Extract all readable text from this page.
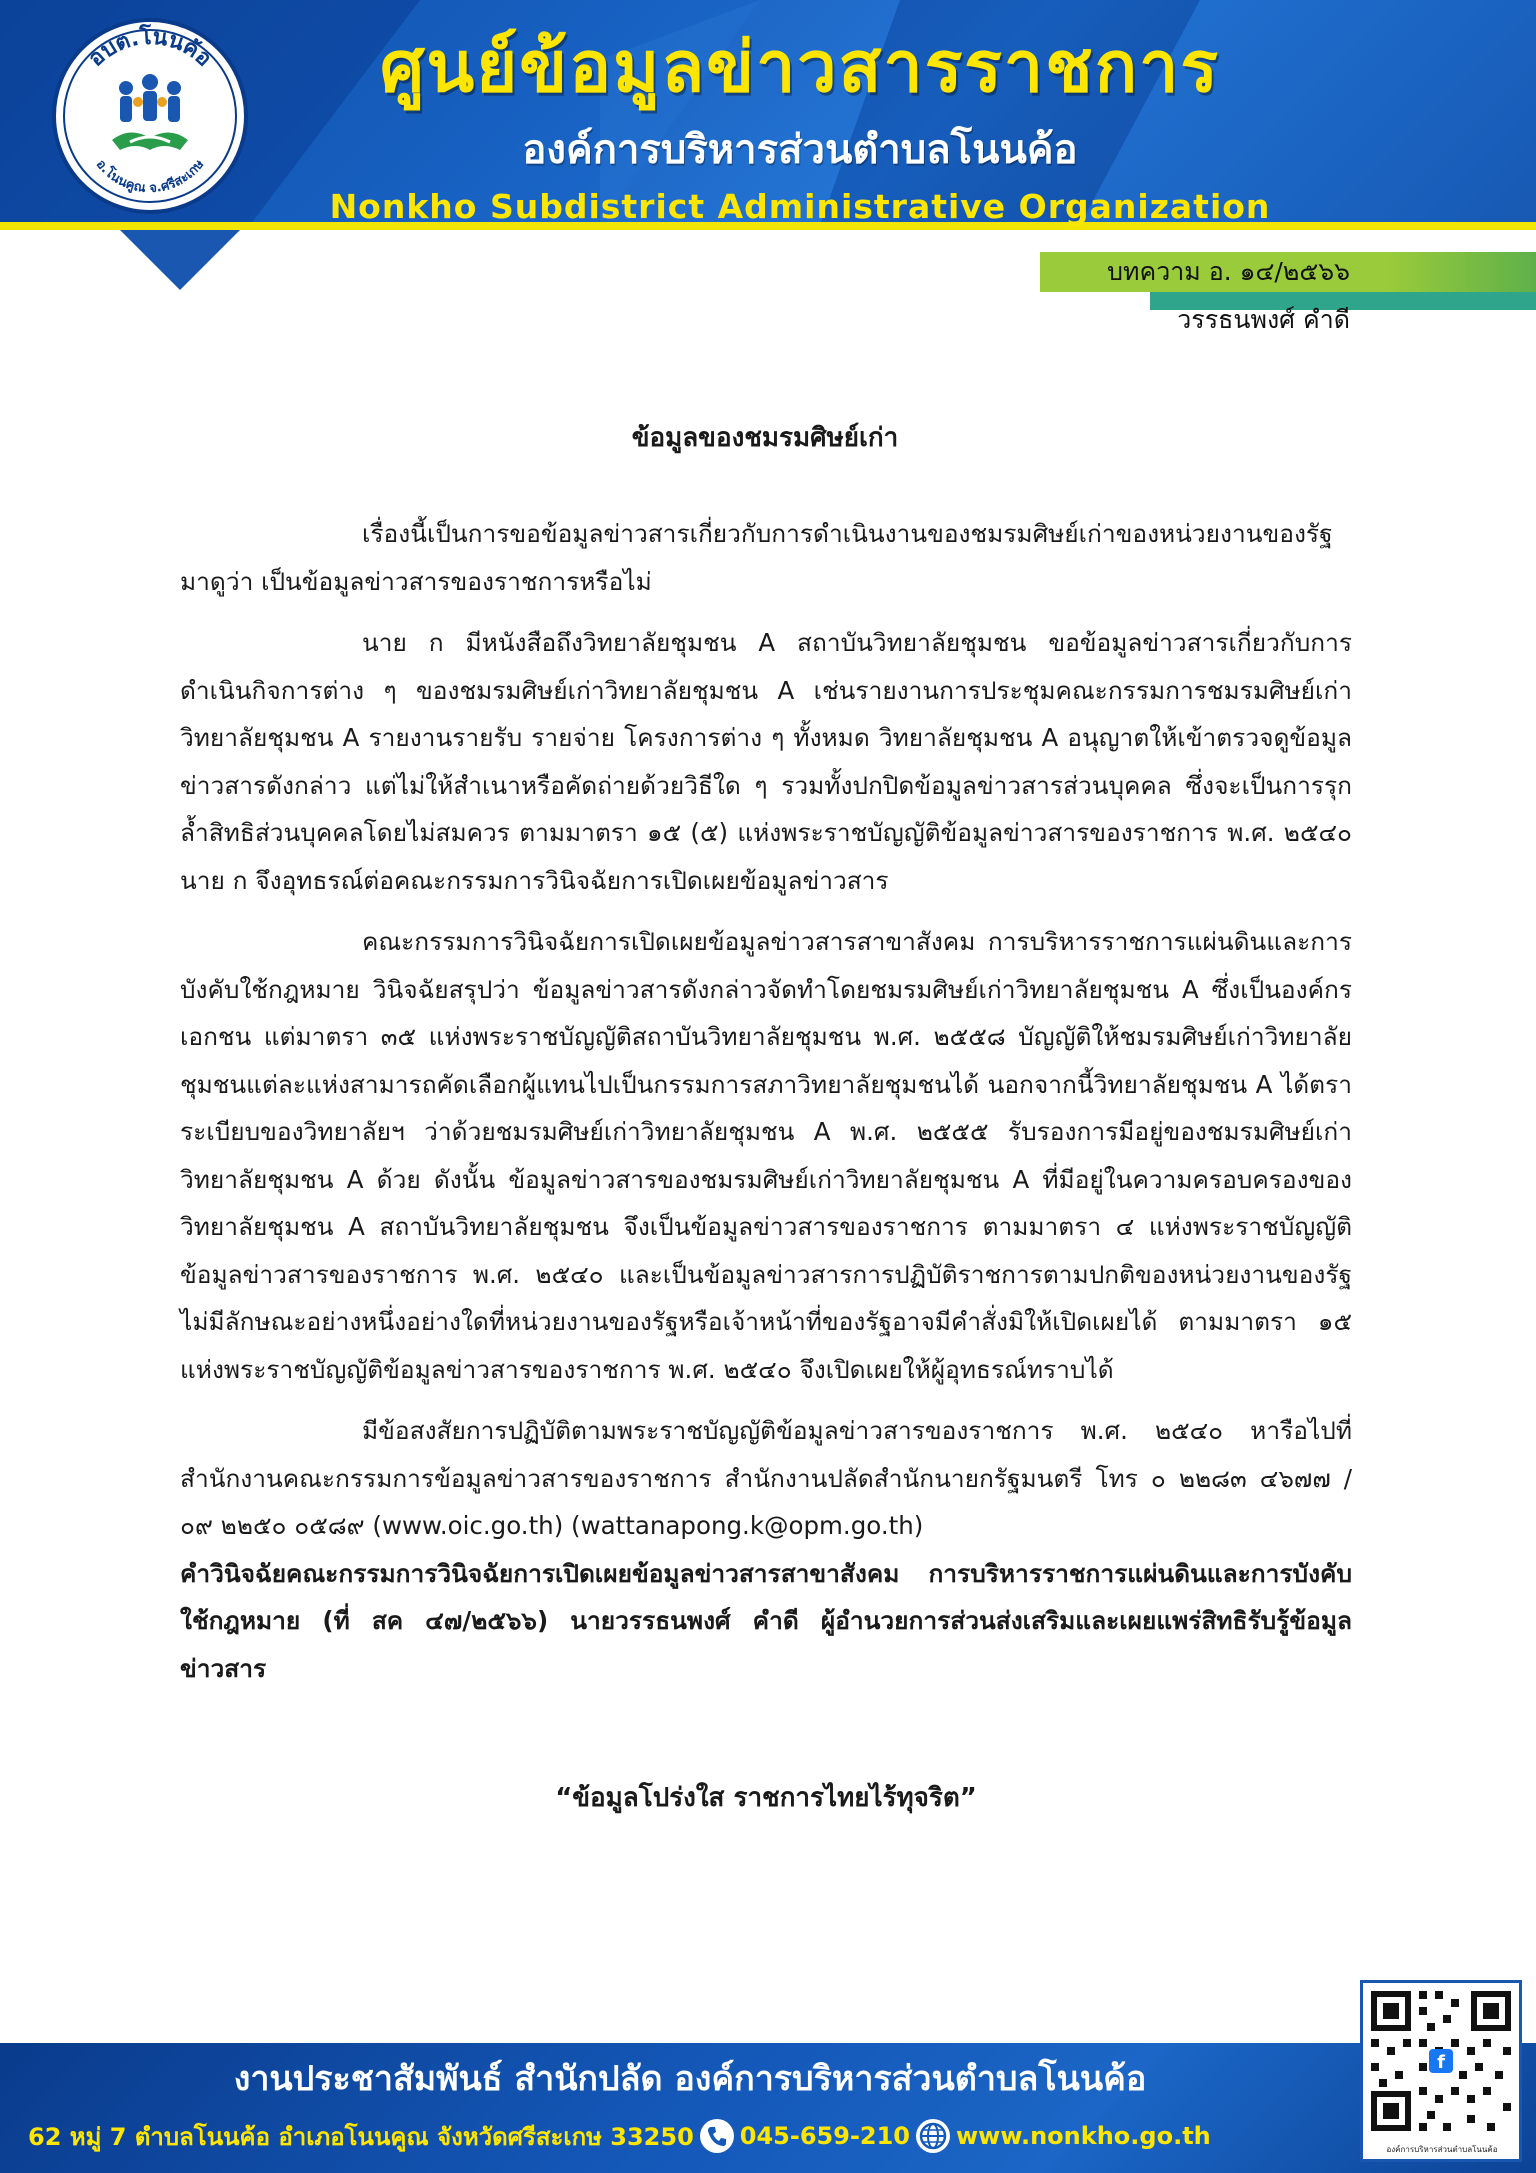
อบต.โนนค้อ
อ.โนนคูณ จ.ศรีสะเกษ
ศูนย์ข้อมูลข่าวสารราชการ
องค์การบริหารส่วนตำบลโนนค้อ
Nonkho Subdistrict Administrative Organization
บทความ อ. ๑๔/๒๕๖๖
วรรธนพงศ์ คำดี
ข้อมูลของชมรมศิษย์เก่า

เรื่องนี้เป็นการขอข้อมูลข่าวสารเกี่ยวกับการดำเนินงานของชมรมศิษย์เก่าของหน่วยงานของรัฐมาดูว่า เป็นข้อมูลข่าวสารของราชการหรือไม่

นาย ก มีหนังสือถึงวิทยาลัยชุมชน A สถาบันวิทยาลัยชุมชน ขอข้อมูลข่าวสารเกี่ยวกับการดำเนินกิจการต่าง ๆ ของชมรมศิษย์เก่าวิทยาลัยชุมชน A เช่นรายงานการประชุมคณะกรรมการชมรมศิษย์เก่าวิทยาลัยชุมชน A รายงานรายรับ รายจ่าย โครงการต่าง ๆ ทั้งหมด วิทยาลัยชุมชน A อนุญาตให้เข้าตรวจดูข้อมูลข่าวสารดังกล่าว แต่ไม่ให้สำเนาหรือคัดถ่ายด้วยวิธีใด ๆ รวมทั้งปกปิดข้อมูลข่าวสารส่วนบุคคล ซึ่งจะเป็นการรุกล้ำสิทธิส่วนบุคคลโดยไม่สมควร ตามมาตรา ๑๕ (๕) แห่งพระราชบัญญัติข้อมูลข่าวสารของราชการ พ.ศ. ๒๕๔๐ นาย ก จึงอุทธรณ์ต่อคณะกรรมการวินิจฉัยการเปิดเผยข้อมูลข่าวสาร

คณะกรรมการวินิจฉัยการเปิดเผยข้อมูลข่าวสารสาขาสังคม การบริหารราชการแผ่นดินและการบังคับใช้กฎหมาย วินิจฉัยสรุปว่า ข้อมูลข่าวสารดังกล่าวจัดทำโดยชมรมศิษย์เก่าวิทยาลัยชุมชน A ซึ่งเป็นองค์กรเอกชน แต่มาตรา ๓๕ แห่งพระราชบัญญัติสถาบันวิทยาลัยชุมชน พ.ศ. ๒๕๕๘ บัญญัติให้ชมรมศิษย์เก่าวิทยาลัยชุมชนแต่ละแห่งสามารถคัดเลือกผู้แทนไปเป็นกรรมการสภาวิทยาลัยชุมชนได้ นอกจากนี้วิทยาลัยชุมชน A ได้ตราระเบียบของวิทยาลัยฯ ว่าด้วยชมรมศิษย์เก่าวิทยาลัยชุมชน A พ.ศ. ๒๕๕๕ รับรองการมีอยู่ของชมรมศิษย์เก่าวิทยาลัยชุมชน A ด้วย ดังนั้น ข้อมูลข่าวสารของชมรมศิษย์เก่าวิทยาลัยชุมชน A ที่มีอยู่ในความครอบครองของวิทยาลัยชุมชน A สถาบันวิทยาลัยชุมชน จึงเป็นข้อมูลข่าวสารของราชการ ตามมาตรา ๔ แห่งพระราชบัญญัติข้อมูลข่าวสารของราชการ พ.ศ. ๒๕๔๐ และเป็นข้อมูลข่าวสารการปฏิบัติราชการตามปกติของหน่วยงานของรัฐไม่มีลักษณะอย่างหนึ่งอย่างใดที่หน่วยงานของรัฐหรือเจ้าหน้าที่ของรัฐอาจมีคำสั่งมิให้เปิดเผยได้ ตามมาตรา ๑๕ แห่งพระราชบัญญัติข้อมูลข่าวสารของราชการ พ.ศ. ๒๕๔๐ จึงเปิดเผยให้ผู้อุทธรณ์ทราบได้

มีข้อสงสัยการปฏิบัติตามพระราชบัญญัติข้อมูลข่าวสารของราชการ พ.ศ. ๒๕๔๐ หารือไปที่สำนักงานคณะกรรมการข้อมูลข่าวสารของราชการ สำนักงานปลัดสำนักนายกรัฐมนตรี โทร ๐ ๒๒๘๓ ๔๖๗๗ / ๐๙ ๒๒๕๐ ๐๕๘๙ (www.oic.go.th) (wattanapong.k@opm.go.th)

คำวินิจฉัยคณะกรรมการวินิจฉัยการเปิดเผยข้อมูลข่าวสารสาขาสังคม การบริหารราชการแผ่นดินและการบังคับใช้กฎหมาย (ที่ สค ๔๗/๒๕๖๖) นายวรรธนพงศ์ คำดี ผู้อำนวยการส่วนส่งเสริมและเผยแพร่สิทธิรับรู้ข้อมูลข่าวสาร

“ข้อมูลโปร่งใส ราชการไทยไร้ทุจริต”
งานประชาสัมพันธ์ สำนักปลัด องค์การบริหารส่วนตำบลโนนค้อ
62 หมู่ 7 ตำบลโนนค้อ อำเภอโนนคูณ จังหวัดศรีสะเกษ 33250 045-659-210 www.nonkho.go.th
f
องค์การบริหารส่วนตำบลโนนค้อ
